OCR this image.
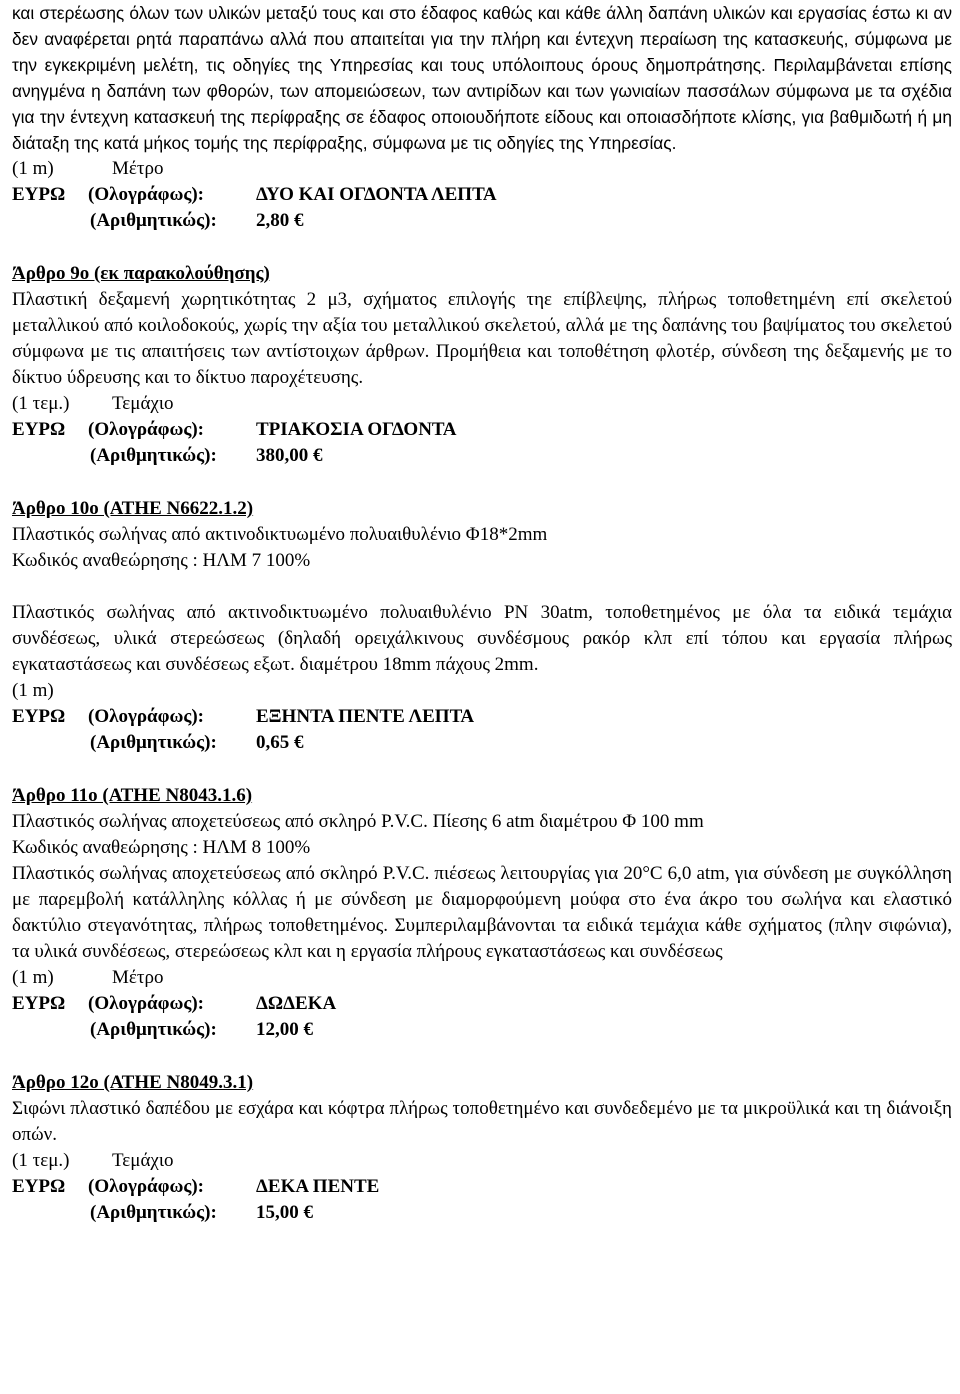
και στερέωσης όλων των υλικών μεταξύ τους και στο έδαφος καθώς και κάθε άλλη δαπάνη υλικών και εργασίας έστω κι αν δεν αναφέρεται ρητά παραπάνω αλλά που απαιτείται για την πλήρη και έντεχνη περαίωση της κατασκευής, σύμφωνα με την εγκεκριμένη μελέτη, τις οδηγίες της Υπηρεσίας και τους υπόλοιπους όρους δημοπράτησης. Περιλαμβάνεται επίσης ανηγμένα η δαπάνη των φθορών, των απομειώσεων, των αντιρίδων και των γωνιαίων πασσάλων σύμφωνα με τα σχέδια για την έντεχνη κατασκευή της περίφραξης σε έδαφος οποιουδήποτε είδους και οποιασδήποτε κλίσης, για βαθμιδωτή ή μη διάταξη της κατά μήκος τομής της περίφραξης, σύμφωνα με τις οδηγίες της Υπηρεσίας.

(1 m)	Μέτρο
ΕΥΡΩ	(Ολογράφως):	ΔΥΟ ΚΑΙ ΟΓΔΟΝΤΑ ΛΕΠΤΑ
(Αριθμητικώς):	2,80 €

Άρθρο 9ο (εκ παρακολούθησης)

Πλαστική δεξαμενή χωρητικότητας 2 μ3, σχήματος επιλογής τηε επίβλεψης, πλήρως τοποθετημένη επί σκελετού μεταλλικού από κοιλοδοκούς, χωρίς την αξία του μεταλλικού σκελετού, αλλά με της δαπάνης του βαψίματος του σκελετού σύμφωνα με τις απαιτήσεις των αντίστοιχων άρθρων. Προμήθεια και τοποθέτηση φλοτέρ, σύνδεση της δεξαμενής με το δίκτυο ύδρευσης και το δίκτυο παροχέτευσης.

(1 τεμ.)	Τεμάχιο
ΕΥΡΩ	(Ολογράφως):	ΤΡΙΑΚΟΣΙΑ ΟΓΔΟΝΤΑ
(Αριθμητικώς):	380,00 €

Άρθρο 10ο (ΑΤΗΕ Ν6622.1.2)

Πλαστικός σωλήνας από ακτινοδικτυωμένο πολυαιθυλένιο Φ18*2mm

Κωδικός αναθεώρησης : ΗΛΜ 7 100%

Πλαστικός σωλήνας από ακτινοδικτυωμένο πολυαιθυλένιο ΡΝ 30atm, τοποθετημένος με όλα τα ειδικά τεμάχια συνδέσεως, υλικά στερεώσεως (δηλαδή ορειχάλκινους συνδέσμους ρακόρ κλπ επί τόπου και εργασία πλήρως εγκαταστάσεως και συνδέσεως εξωτ. διαμέτρου 18mm πάχους 2mm.

(1 m)
ΕΥΡΩ	(Ολογράφως):	ΕΞΗΝΤΑ ΠΕΝΤΕ ΛΕΠΤΑ
(Αριθμητικώς):	0,65 €

Άρθρο 11ο (ΑΤΗΕ Ν8043.1.6)

Πλαστικός σωλήνας αποχετεύσεως από σκληρό P.V.C. Πίεσης 6 atm διαμέτρου Φ 100 mm

Κωδικός αναθεώρησης : ΗΛΜ 8 100%

Πλαστικός σωλήνας αποχετεύσεως από σκληρό P.V.C. πιέσεως λειτουργίας για 20°C 6,0 atm, για σύνδεση με συγκόλληση με παρεμβολή κατάλληλης κόλλας ή με σύνδεση με διαμορφούμενη μούφα στο ένα άκρο του σωλήνα και ελαστικό δακτύλιο στεγανότητας, πλήρως τοποθετημένος. Συμπεριλαμβάνονται τα ειδικά τεμάχια κάθε σχήματος (πλην σιφώνια), τα υλικά συνδέσεως, στερεώσεως κλπ και η εργασία πλήρους εγκαταστάσεως και συνδέσεως

(1 m)	Μέτρο
ΕΥΡΩ	(Ολογράφως):	ΔΩΔΕΚΑ
(Αριθμητικώς):	12,00 €

Άρθρο 12ο (ΑΤΗΕ Ν8049.3.1)

Σιφώνι πλαστικό δαπέδου με εσχάρα και κόφτρα πλήρως τοποθετημένο και συνδεδεμένο με τα μικροϋλικά και τη διάνοιξη οπών.

(1 τεμ.)	Τεμάχιο
ΕΥΡΩ	(Ολογράφως):	ΔΕΚΑ ΠΕΝΤΕ
(Αριθμητικώς):	15,00 €
